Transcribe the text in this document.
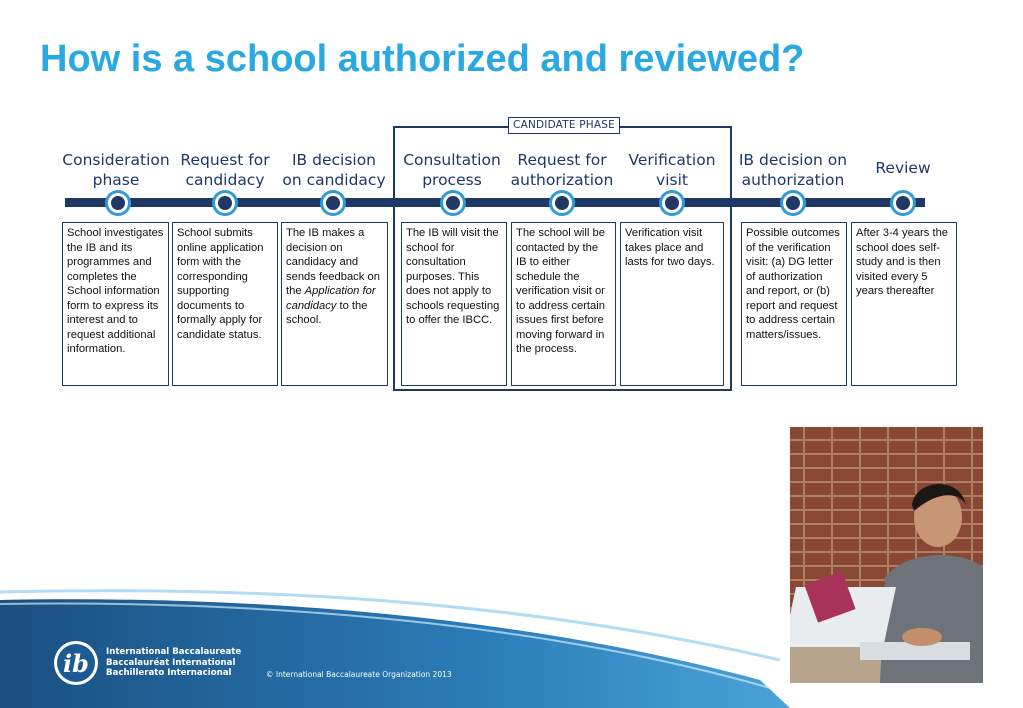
How is a school authorized and reviewed?
CANDIDATE PHASE
Consideration
phase
School investigates the IB and its programmes and completes the School information form to express its interest and to request additional information.
Request for
candidacy
School submits online application form with the corresponding supporting documents to formally apply for candidate status.
IB decision
on candidacy
The IB makes a decision on candidacy and sends feedback on the Application for candidacy to the school.
Consultation
process
The IB will visit the school for consultation purposes. This does not apply to schools requesting to offer the IBCC.
Request for
authorization
The school will be contacted by the IB to either schedule the verification visit or to address certain issues first before moving forward in the process.
Verification
visit
Verification visit takes place and lasts for two days.
IB decision on
authorization
Possible outcomes of the verification visit: (a) DG letter of authorization and report, or (b) report and request to address certain matters/issues.
Review
After 3-4 years the school does self-study and is then visited every 5 years thereafter
ib International Baccalaureate
Baccalauréat International
Bachillerato Internacional	© International Baccalaureate Organization 2013
